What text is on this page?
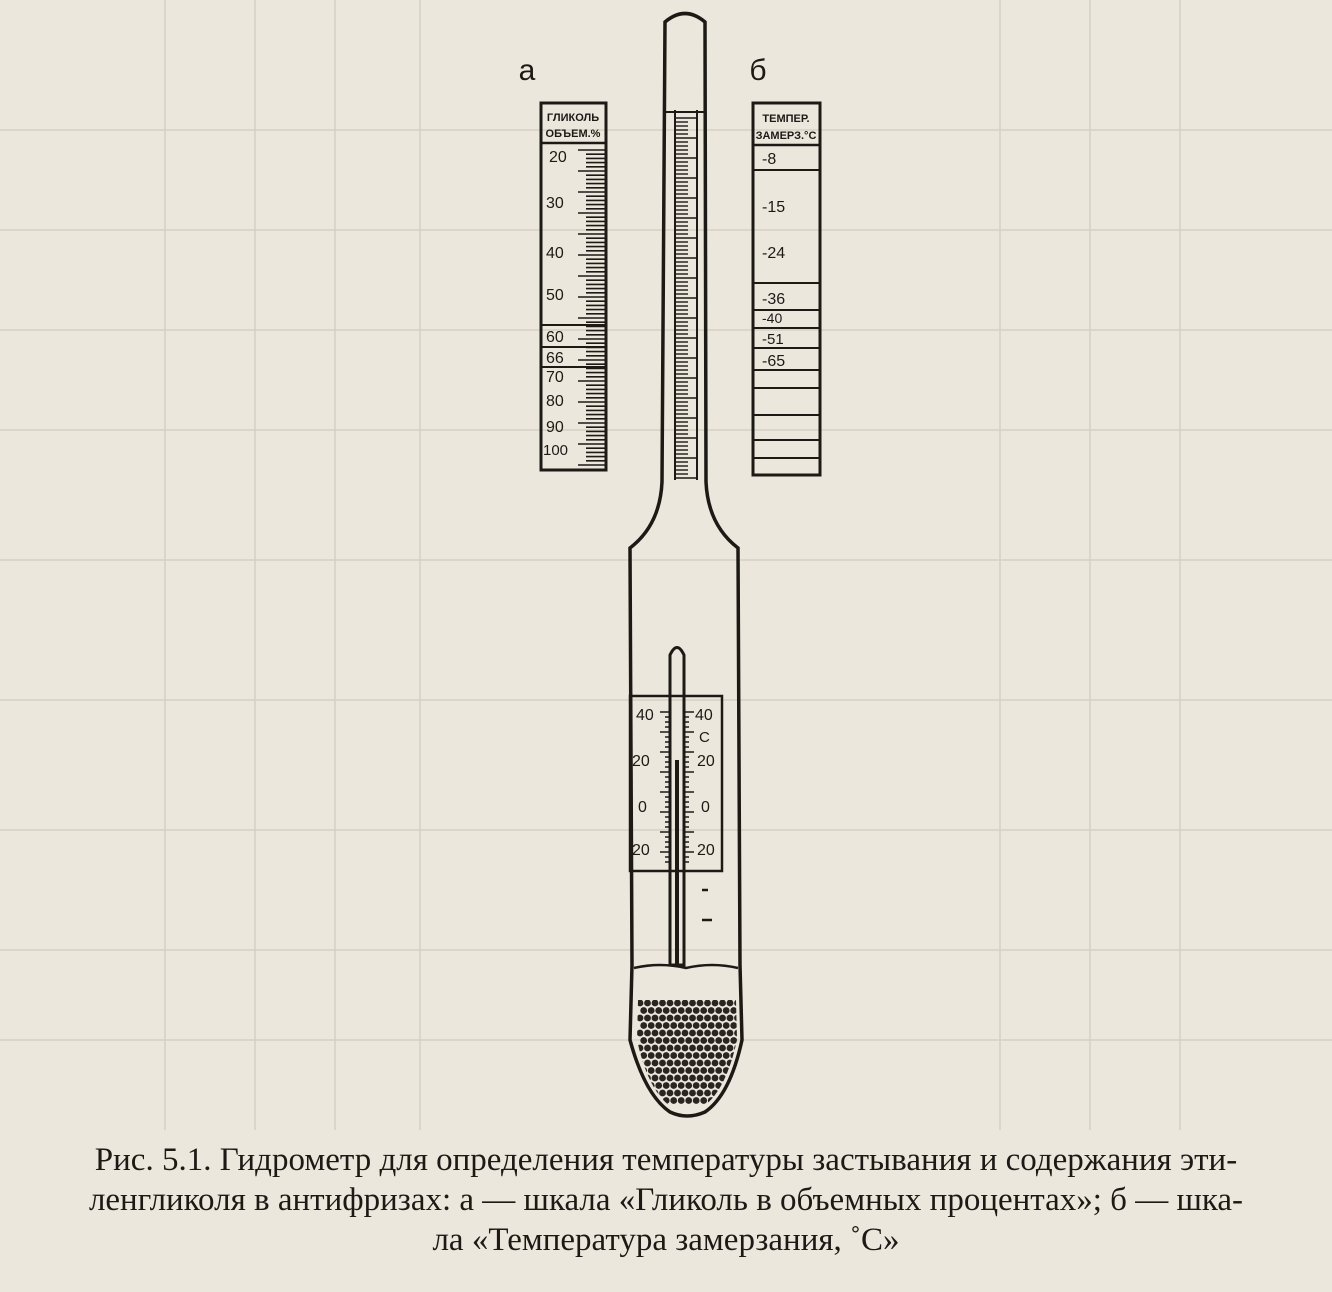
а	б
ГЛИКОЛЬ
ОБЪЕМ.%
20
30
40
50
60
66
70
80
90
100
ТЕМПЕР.
ЗАМЕРЗ.°С
-8
-15
-24
-36
-40
-51
-65
40
20
0
20
40
20
0
20
С
Рис. 5.1. Гидрометр для определения температуры застывания и содержания эти-
ленгликоля в антифризах: а — шкала «Гликоль в объемных процентах»; б — шка-
ла «Температура замерзания, ˚С»
